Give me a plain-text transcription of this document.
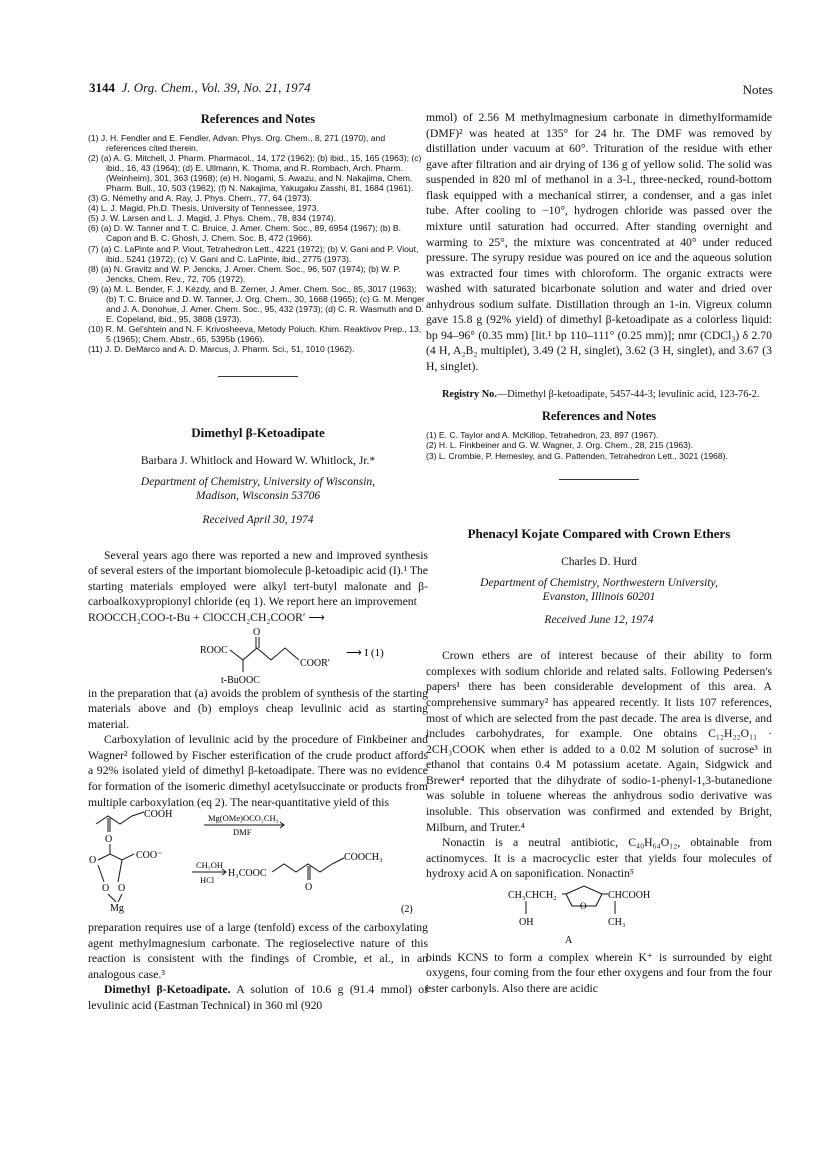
3144 J. Org. Chem., Vol. 39, No. 21, 1974	Notes
References and Notes
(1) J. H. Fendler and E. Fendler, Advan. Phys. Org. Chem., 8, 271 (1970), and references cited therein.
(2) (a) A. G. Mitchell, J. Pharm. Pharmacol., 14, 172 (1962); (b) ibid., 15, 165 (1963); (c) ibid., 16, 43 (1964); (d) E. Ullmann, K. Thoma, and R. Rombach, Arch. Pharm. (Weinheim), 301, 363 (1968); (e) H. Nogami, S. Awazu, and N. Nakajima, Chem. Pharm. Bull., 10, 503 (1962); (f) N. Nakajima, Yakugaku Zasshi, 81, 1684 (1961).
(3) G. Némethy and A. Ray, J. Phys. Chem., 77, 64 (1973).
(4) L. J. Magid, Ph.D. Thesis, University of Tennessee, 1973.
(5) J. W. Larsen and L. J. Magid, J. Phys. Chem., 78, 834 (1974).
(6) (a) D. W. Tanner and T. C. Bruice, J. Amer. Chem. Soc., 89, 6954 (1967); (b) B. Capon and B. C. Ghosh, J. Chem. Soc. B, 472 (1966).
(7) (a) C. LaPinte and P. Viout, Tetrahedron Lett., 4221 (1972); (b) V. Gani and P. Viout, ibid., 5241 (1972); (c) V. Gani and C. LaPinte, ibid., 2775 (1973).
(8) (a) N. Gravitz and W. P. Jencks, J. Amer. Chem. Soc., 96, 507 (1974); (b) W. P. Jencks, Chem. Rev., 72, 705 (1972).
(9) (a) M. L. Bender, F. J. Kézdy, and B. Zerner, J. Amer. Chem. Soc., 85, 3017 (1963); (b) T. C. Bruice and D. W. Tanner, J. Org. Chem., 30, 1668 (1965); (c) G. M. Menger and J. A. Donohue, J. Amer. Chem. Soc., 95, 432 (1973); (d) C. R. Wasmuth and D. E. Copeland, ibid., 95, 3808 (1973).
(10) R. M. Gel'shtein and N. F. Krivosheeva, Metody Poluch. Khim. Reaktivov Prep., 13, 5 (1965); Chem. Abstr., 65, 5395b (1966).
(11) J. D. DeMarco and A. D. Marcus, J. Pharm. Sci., 51, 1010 (1962).
Dimethyl β-Ketoadipate
Barbara J. Whitlock and Howard W. Whitlock, Jr.*
Department of Chemistry, University of Wisconsin,
Madison, Wisconsin 53706
Received April 30, 1974

Several years ago there was reported a new and improved synthesis of several esters of the important biomolecule β-ketoadipic acid (I).¹ The starting materials employed were alkyl tert-butyl malonate and β-carboalkoxypropionyl chloride (eq 1). We report here an improvement

ROOCCH₂COO-t-Bu + ClOCCH₂CH₂COOR′ ⟶

O
ROOC
COOR′
⟶ I (1)
t-BuOOC

in the preparation that (a) avoids the problem of synthesis of the starting materials above and (b) employs cheap levulinic acid as starting material.

Carboxylation of levulinic acid by the procedure of Finkbeiner and Wagner² followed by Fischer esterification of the crude product affords a 92% isolated yield of dimethyl β-ketoadipate. There was no evidence for formation of the isomeric dimethyl acetylsuccinate or products from multiple carboxylation (eq 2). The near-quantitative yield of this

COOH
O
Mg(OMe)OCO₂CH₃
DMF
O	COO⁻
O O
Mg
CH₃OH
HCl
H₃COOC
COOCH₃
O
(2)

preparation requires use of a large (tenfold) excess of the carboxylating agent methylmagnesium carbonate. The regioselective nature of this reaction is consistent with the findings of Crombie, et al., in an analogous case.³

Dimethyl β-Ketoadipate. A solution of 10.6 g (91.4 mmol) of levulinic acid (Eastman Technical) in 360 ml (920

mmol) of 2.56 M methylmagnesium carbonate in dimethylformamide (DMF)² was heated at 135° for 24 hr. The DMF was removed by distillation under vacuum at 60°. Trituration of the residue with ether gave after filtration and air drying of 136 g of yellow solid. The solid was suspended in 820 ml of methanol in a 3-l., three-necked, round-bottom flask equipped with a mechanical stirrer, a condenser, and a gas inlet tube. After cooling to −10°, hydrogen chloride was passed over the mixture until saturation had occurred. After standing overnight and warming to 25°, the mixture was concentrated at 40° under reduced pressure. The syrupy residue was poured on ice and the aqueous solution was extracted four times with chloroform. The organic extracts were washed with saturated bicarbonate solution and water and dried over anhydrous sodium sulfate. Distillation through an 1-in. Vigreux column gave 15.8 g (92% yield) of dimethyl β-ketoadipate as a colorless liquid: bp 94–96° (0.35 mm) [lit.¹ bp 110–111° (0.25 mm)]; nmr (CDCl₃) δ 2.70 (4 H, A₂B₂ multiplet), 3.49 (2 H, singlet), 3.62 (3 H, singlet), and 3.67 (3 H, singlet).

Registry No.—Dimethyl β-ketoadipate, 5457-44-3; levulinic acid, 123-76-2.

References and Notes
(1) E. C. Taylor and A. McKillop, Tetrahedron, 23, 897 (1967).
(2) H. L. Finkbeiner and G. W. Wagner, J. Org. Chem., 28, 215 (1963).
(3) L. Crombie, P. Hemesley, and G. Pattenden, Tetrahedron Lett., 3021 (1968).
Phenacyl Kojate Compared with Crown Ethers
Charles D. Hurd
Department of Chemistry, Northwestern University,
Evanston, Illinois 60201
Received June 12, 1974

Crown ethers are of interest because of their ability to form complexes with sodium chloride and related salts. Following Pedersen's papers¹ there has been considerable development of this area. A comprehensive summary² has appeared recently. It lists 107 references, most of which are selected from the past decade. The area is diverse, and includes carbohydrates, for example. One obtains C₁₂H₂₂O₁₁ · 2CH₃COOK when ether is added to a 0.02 M solution of sucrose³ in ethanol that contains 0.4 M potassium acetate. Again, Sidgwick and Brewer⁴ reported that the dihydrate of sodio-1-phenyl-1,3-butanedione was soluble in toluene whereas the anhydrous sodio derivative was insoluble. This observation was confirmed and extended by Bright, Milburn, and Truter.⁴

Nonactin is a neutral antibiotic, C₄₀H₆₄O₁₂, obtainable from actinomyces. It is a macrocyclic ester that yields four molecules of hydroxy acid A on saponification. Nonactin⁵

CH₃CHCH₂
O
CHCOOH
OH	CH₃
A

binds KCNS to form a complex wherein K⁺ is surrounded by eight oxygens, four coming from the four ether oxygens and four from the four ester carbonyls. Also there are acidic
